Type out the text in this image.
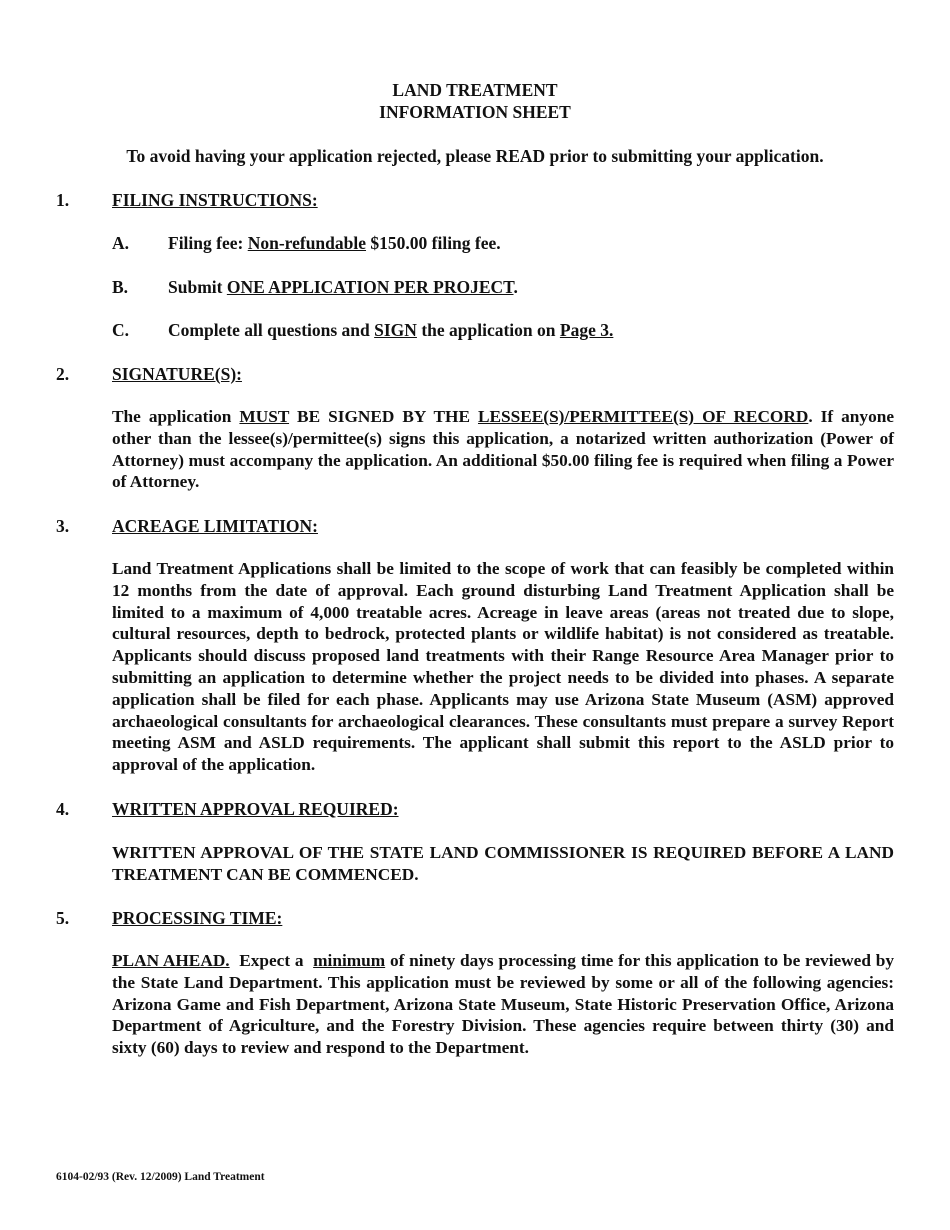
LAND TREATMENT
INFORMATION SHEET
To avoid having your application rejected, please READ prior to submitting your application.
1. FILING INSTRUCTIONS:
A. Filing fee: Non-refundable $150.00 filing fee.
B. Submit ONE APPLICATION PER PROJECT.
C. Complete all questions and SIGN the application on Page 3.
2. SIGNATURE(S):
The application MUST BE SIGNED BY THE LESSEE(S)/PERMITTEE(S) OF RECORD. If anyone other than the lessee(s)/permittee(s) signs this application, a notarized written authorization (Power of Attorney) must accompany the application. An additional $50.00 filing fee is required when filing a Power of Attorney.
3. ACREAGE LIMITATION:
Land Treatment Applications shall be limited to the scope of work that can feasibly be completed within 12 months from the date of approval. Each ground disturbing Land Treatment Application shall be limited to a maximum of 4,000 treatable acres. Acreage in leave areas (areas not treated due to slope, cultural resources, depth to bedrock, protected plants or wildlife habitat) is not considered as treatable. Applicants should discuss proposed land treatments with their Range Resource Area Manager prior to submitting an application to determine whether the project needs to be divided into phases. A separate application shall be filed for each phase. Applicants may use Arizona State Museum (ASM) approved archaeological consultants for archaeological clearances. These consultants must prepare a survey Report meeting ASM and ASLD requirements. The applicant shall submit this report to the ASLD prior to approval of the application.
4. WRITTEN APPROVAL REQUIRED:
WRITTEN APPROVAL OF THE STATE LAND COMMISSIONER IS REQUIRED BEFORE A LAND TREATMENT CAN BE COMMENCED.
5. PROCESSING TIME:
PLAN AHEAD.  Expect a  minimum of ninety days processing time for this application to be reviewed by the State Land Department. This application must be reviewed by some or all of the following agencies: Arizona Game and Fish Department, Arizona State Museum, State Historic Preservation Office, Arizona Department of Agriculture, and the Forestry Division. These agencies require between thirty (30) and sixty (60) days to review and respond to the Department.
6104-02/93 (Rev. 12/2009) Land Treatment
